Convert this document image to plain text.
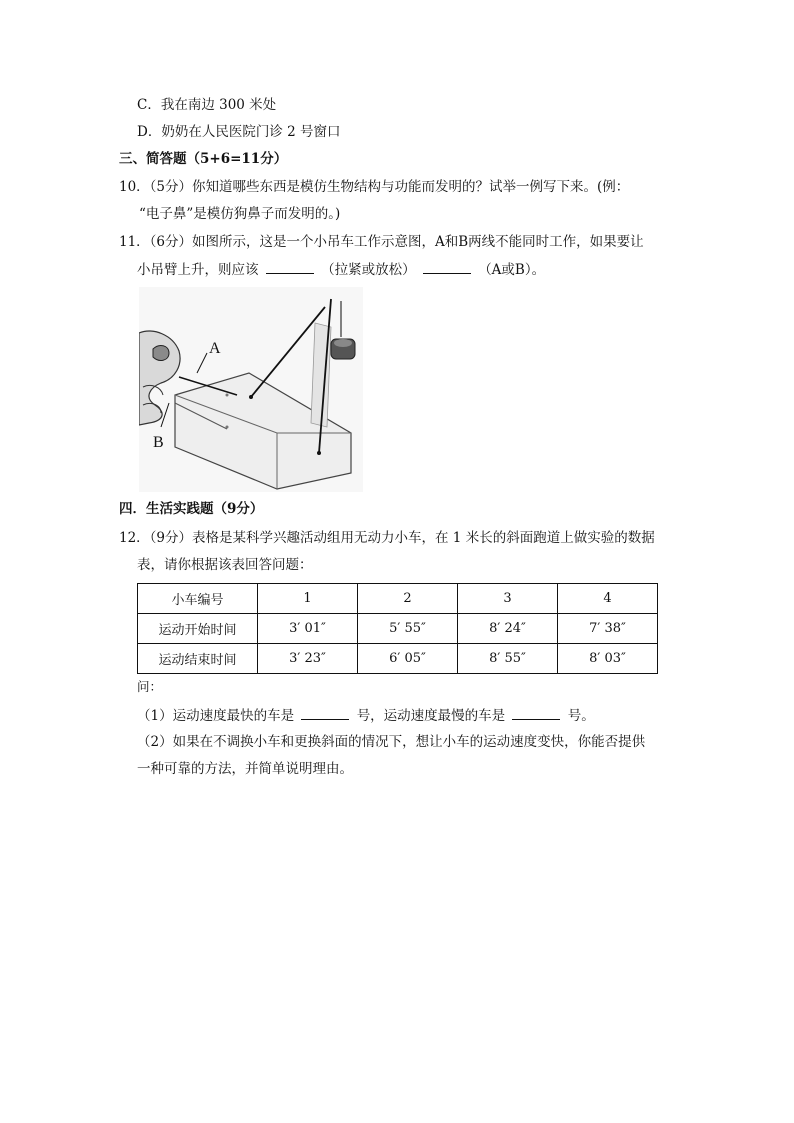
C．我在南边 300 米处
D．奶奶在人民医院门诊 2 号窗口
三、简答题（5+6=11分）
10．（5分）你知道哪些东西是模仿生物结构与功能而发明的？试举一例写下来。(例：
“电子鼻”是模仿狗鼻子而发明的。)
11．（6分）如图所示，这是一个小吊车工作示意图，A和B两线不能同时工作，如果要让
小吊臂上升，则应该	（拉紧或放松）	（A或B）。
A
B
四．生活实践题（9分）
12．（9分）表格是某科学兴趣活动组用无动力小车，在 1 米长的斜面跑道上做实验的数据
表，请你根据该表回答问题：
小车编号	1	2	3	4
运动开始时间	3′ 01″	5′ 55″	8′ 24″	7′ 38″
运动结束时间	3′ 23″	6′ 05″	8′ 55″	8′ 03″
问：
（1）运动速度最快的车是	号，运动速度最慢的车是	号。
（2）如果在不调换小车和更换斜面的情况下，想让小车的运动速度变快，你能否提供
一种可靠的方法，并简单说明理由。
